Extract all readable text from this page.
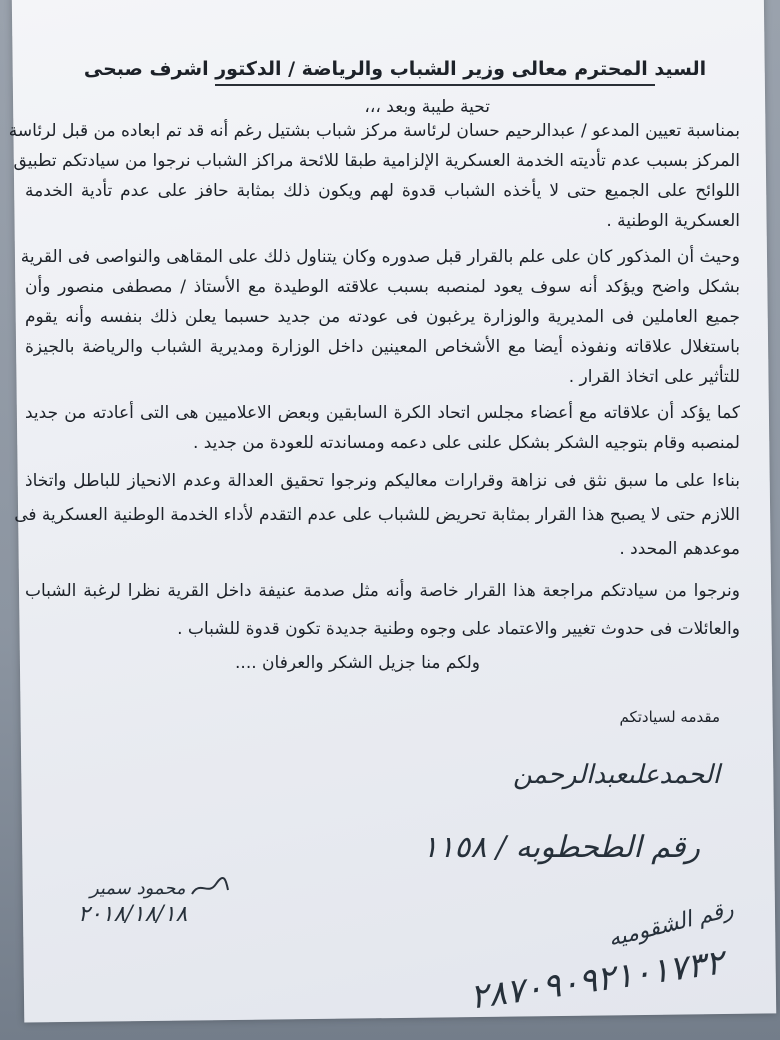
السيد المحترم معالى وزير الشباب والرياضة / الدكتور اشرف صبحى
تحية طيبة وبعد ،،،
بمناسبة تعيين المدعو / عبدالرحيم حسان لرئاسة مركز شباب بشتيل رغم أنه قد تم ابعاده من قبل لرئاسة
المركز بسبب عدم تأديته الخدمة العسكرية الإلزامية طبقا للائحة مراكز الشباب نرجوا من سيادتكم تطبيق
اللوائح على الجميع حتى لا يأخذه الشباب قدوة لهم ويكون ذلك بمثابة حافز على عدم تأدية الخدمة
العسكرية الوطنية .
وحيث أن المذكور كان على علم بالقرار قبل صدوره وكان يتناول ذلك على المقاهى والنواصى فى القرية
بشكل واضح ويؤكد أنه سوف يعود لمنصبه بسبب علاقته الوطيدة مع الأستاذ / مصطفى منصور وأن
جميع العاملين فى المديرية والوزارة يرغبون فى عودته من جديد حسبما يعلن ذلك بنفسه وأنه يقوم
باستغلال علاقاته ونفوذه أيضا مع الأشخاص المعينين داخل الوزارة ومديرية الشباب والرياضة بالجيزة
للتأثير على اتخاذ القرار .
كما يؤكد أن علاقاته مع أعضاء مجلس اتحاد الكرة السابقين وبعض الاعلاميين هى التى أعادته من جديد
لمنصبه وقام بتوجيه الشكر بشكل علنى على دعمه ومساندته للعودة من جديد .
بناءا على ما سبق نثق فى نزاهة وقرارات معاليكم ونرجوا تحقيق العدالة وعدم الانحياز للباطل واتخاذ
اللازم حتى لا يصبح هذا القرار بمثابة تحريض للشباب على عدم التقدم لأداء الخدمة الوطنية العسكرية فى
موعدهم المحدد .
ونرجوا من سيادتكم مراجعة هذا القرار خاصة وأنه مثل صدمة عنيفة داخل القرية نظرا لرغبة الشباب
والعائلات فى حدوث تغيير والاعتماد على وجوه وطنية جديدة تكون قدوة للشباب .
ولكم منا جزيل الشكر والعرفان ....
مقدمه لسيادتكم
الحمدعلىعبدالرحمن
رقم الطحطوبه / ١١٥٨
محمود سمير
٢٠١٨/١٨/١٨	رقم الشقوميه
٢٨٧٠٩٠٩٢١٠١٧٣٢
